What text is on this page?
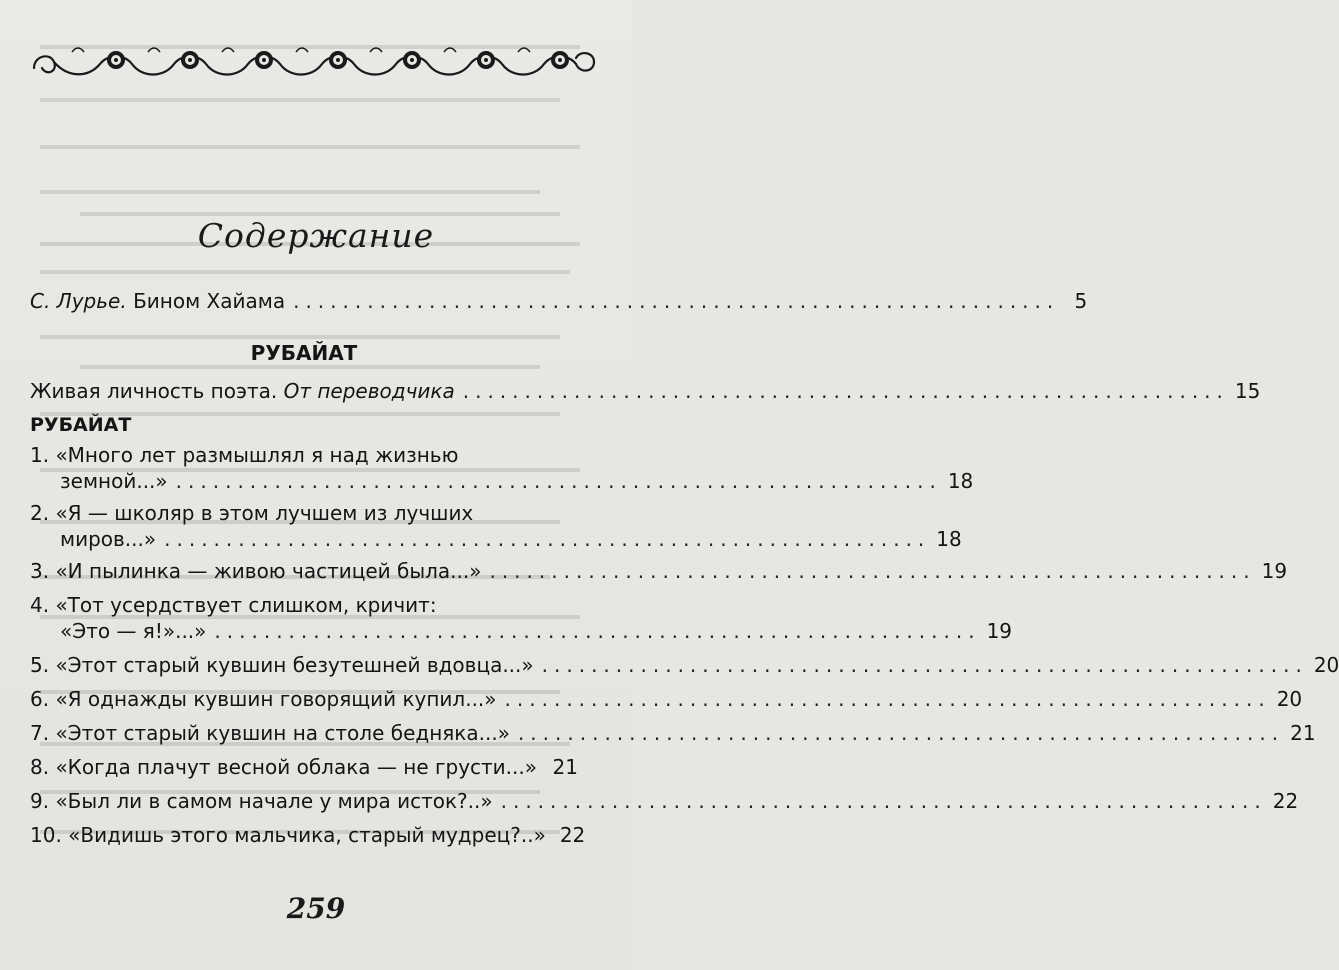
Содержание
С. Лурье. Бином Хайама .............................................................. 5
РУБАЙАТ
Живая личность поэта. От переводчика .............................................................. 15
РУБАЙАТ
1. «Много лет размышлял я над жизнью
земной...» .............................................................. 18
2. «Я — школяр в этом лучшем из лучших
миров...» .............................................................. 18
3. «И пылинка — живою частицей была...» .............................................................. 19
4. «Тот усердствует слишком, кричит:
«Это — я!»...» .............................................................. 19
5. «Этот старый кувшин безутешней вдовца...» .............................................................. 20
6. «Я однажды кувшин говорящий купил...» .............................................................. 20
7. «Этот старый кувшин на столе бедняка...» .............................................................. 21
8. «Когда плачут весной облака — не грусти...» 21
9. «Был ли в самом начале у мира исток?..» .............................................................. 22
10. «Видишь этого мальчика, старый мудрец?..» 22
259
